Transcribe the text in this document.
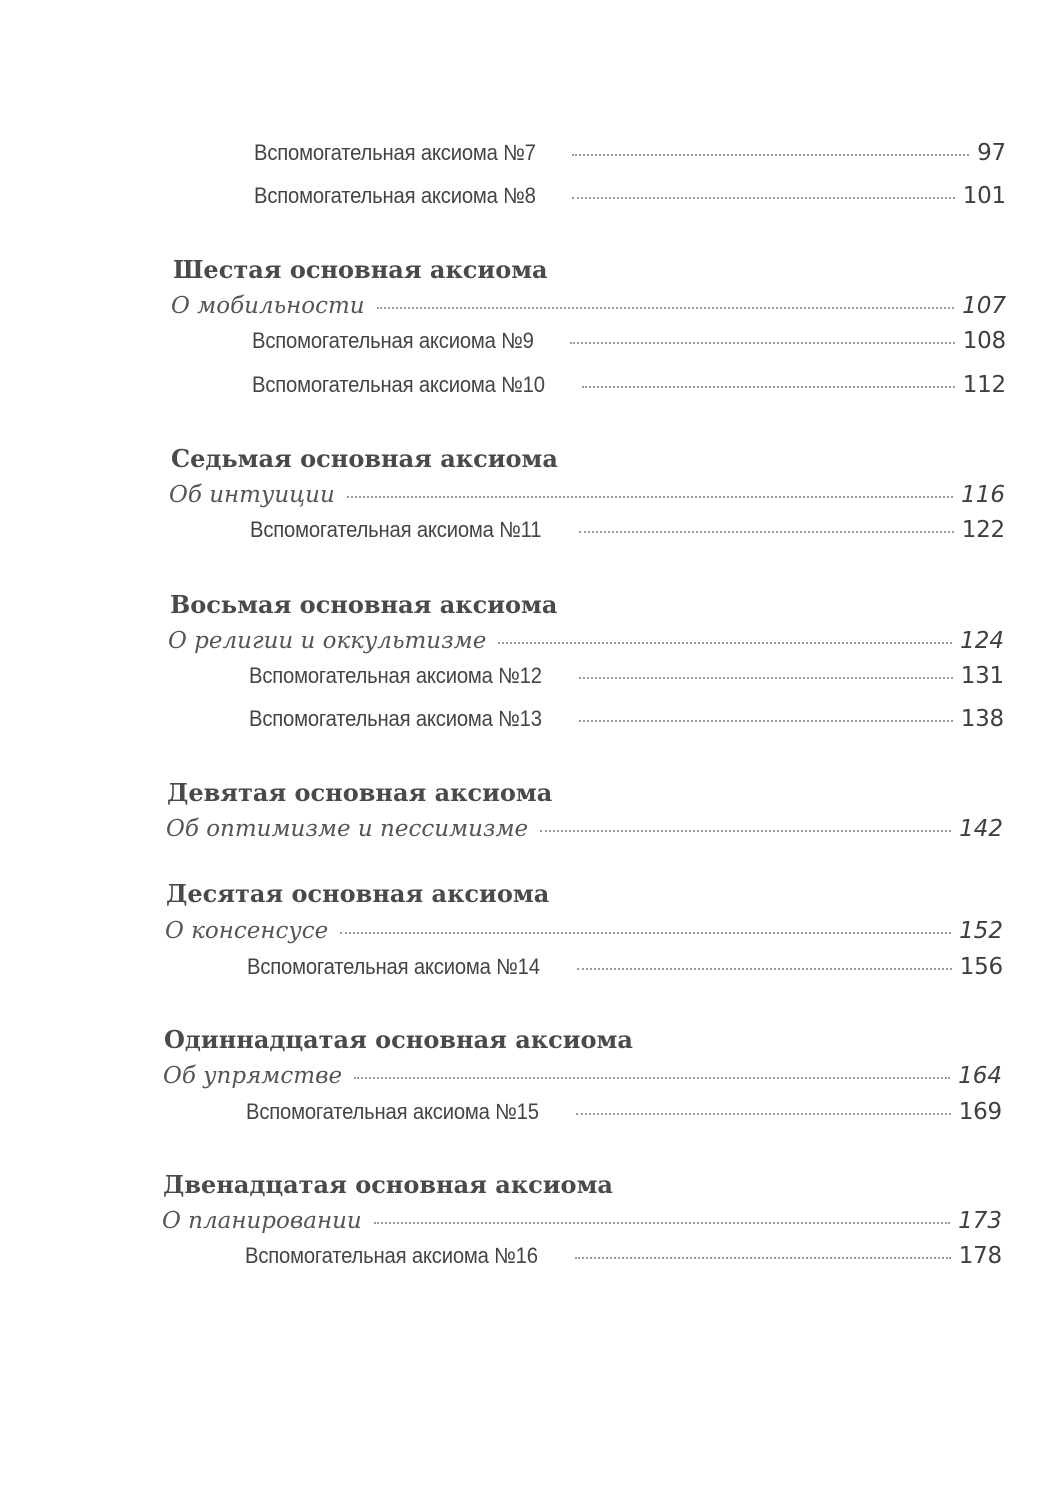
Вспомогательная аксиома №7	97
Вспомогательная аксиома №8	101
Шестая основная аксиома
О мобильности	107
Вспомогательная аксиома №9	108
Вспомогательная аксиома №10	112
Седьмая основная аксиома
Об интуиции	116
Вспомогательная аксиома №11	122
Восьмая основная аксиома
О религии и оккультизме	124
Вспомогательная аксиома №12	131
Вспомогательная аксиома №13	138
Девятая основная аксиома
Об оптимизме и пессимизме	142
Десятая основная аксиома
О консенсусе	152
Вспомогательная аксиома №14	156
Одиннадцатая основная аксиома
Об упрямстве	164
Вспомогательная аксиома №15	169
Двенадцатая основная аксиома
О планировании	173
Вспомогательная аксиома №16	178
